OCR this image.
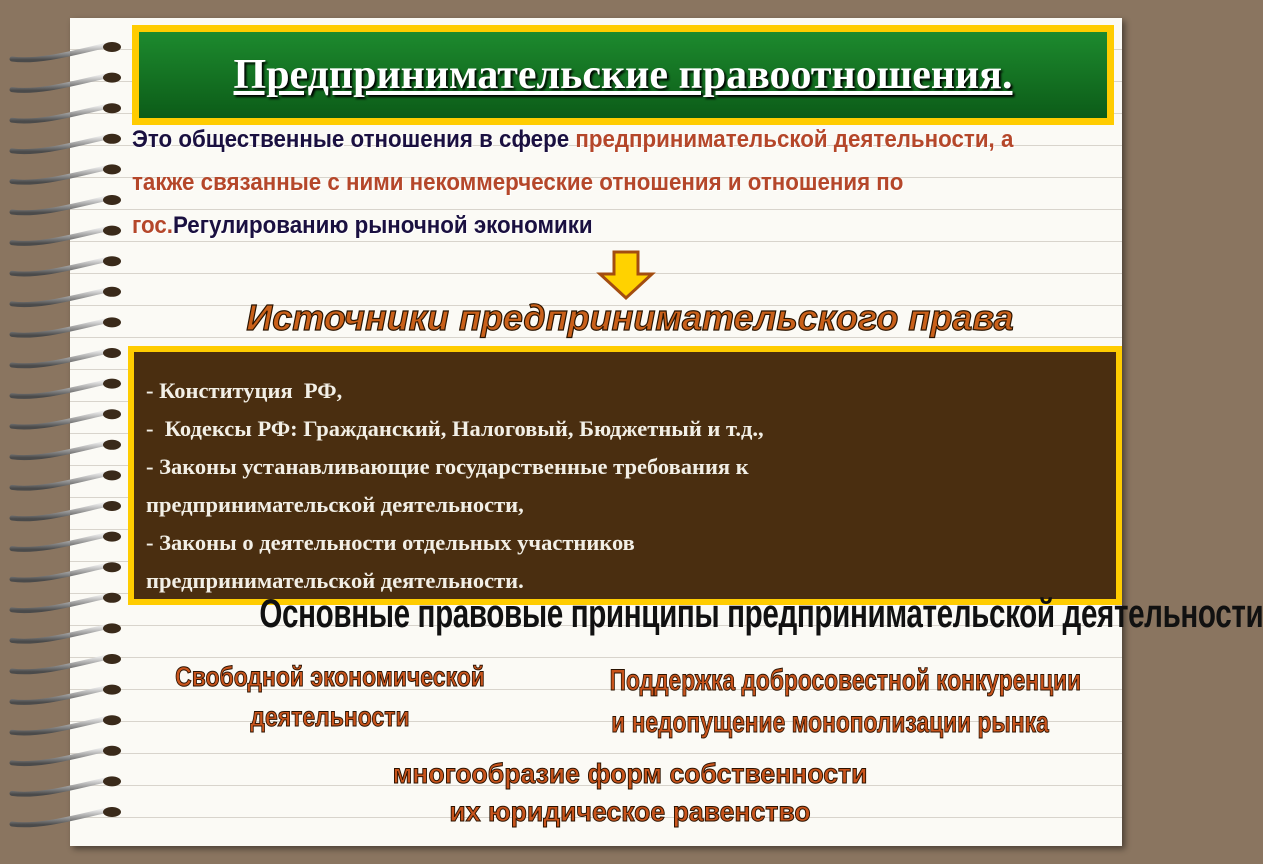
Предпринимательские правоотношения.
Это общественные отношения в сфере предпринимательской деятельности, а также связанные с ними некоммерческие отношения и отношения по гос.Регулированию рыночной экономики
Источники предпринимательского права
- Конституция  РФ,
-  Кодексы РФ: Гражданский, Налоговый, Бюджетный и т.д.,
- Законы устанавливающие государственные требования к
предпринимательской деятельности,
- Законы о деятельности отдельных участников
предпринимательской деятельности.
Основные правовые принципы предпринимательской деятельности
Свободной экономической
деятельности
Поддержка добросовестной конкуренции
и недопущение монополизации рынка
многообразие форм собственности
их юридическое равенство
